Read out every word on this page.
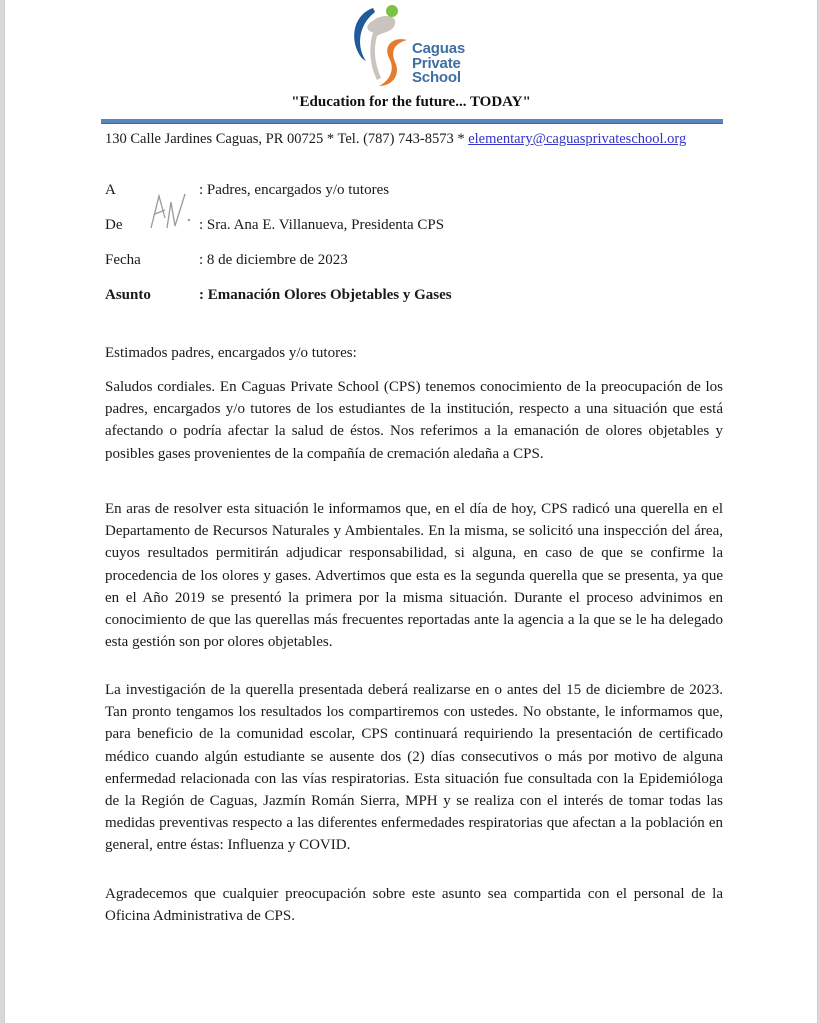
Caguas
Private
School
"Education for the future... TODAY"
130 Calle Jardines Caguas, PR 00725 * Tel. (787) 743-8573 * elementary@caguasprivateschool.org
A	: Padres, encargados y/o tutores
De	: Sra. Ana E. Villanueva, Presidenta CPS
Fecha	: 8 de diciembre de 2023
Asunto	: Emanación Olores Objetables y Gases

Estimados padres, encargados y/o tutores:

Saludos cordiales. En Caguas Private School (CPS) tenemos conocimiento de la preocupación de los padres, encargados y/o tutores de los estudiantes de la institución, respecto a una situación que está afectando o podría afectar la salud de éstos. Nos referimos a la emanación de olores objetables y posibles gases provenientes de la compañía de cremación aledaña a CPS.

En aras de resolver esta situación le informamos que, en el día de hoy, CPS radicó una querella en el Departamento de Recursos Naturales y Ambientales. En la misma, se solicitó una inspección del área, cuyos resultados permitirán adjudicar responsabilidad, si alguna, en caso de que se confirme la procedencia de los olores y gases. Advertimos que esta es la segunda querella que se presenta, ya que en el Año 2019 se presentó la primera por la misma situación. Durante el proceso advinimos en conocimiento de que las querellas más frecuentes reportadas ante la agencia a la que se le ha delegado esta gestión son por olores objetables.

La investigación de la querella presentada deberá realizarse en o antes del 15 de diciembre de 2023. Tan pronto tengamos los resultados los compartiremos con ustedes. No obstante, le informamos que, para beneficio de la comunidad escolar, CPS continuará requiriendo la presentación de certificado médico cuando algún estudiante se ausente dos (2) días consecutivos o más por motivo de alguna enfermedad relacionada con las vías respiratorias. Esta situación fue consultada con la Epidemióloga de la Región de Caguas, Jazmín Román Sierra, MPH y se realiza con el interés de tomar todas las medidas preventivas respecto a las diferentes enfermedades respiratorias que afectan a la población en general, entre éstas: Influenza y COVID.

Agradecemos que cualquier preocupación sobre este asunto sea compartida con el personal de la Oficina Administrativa de CPS.
